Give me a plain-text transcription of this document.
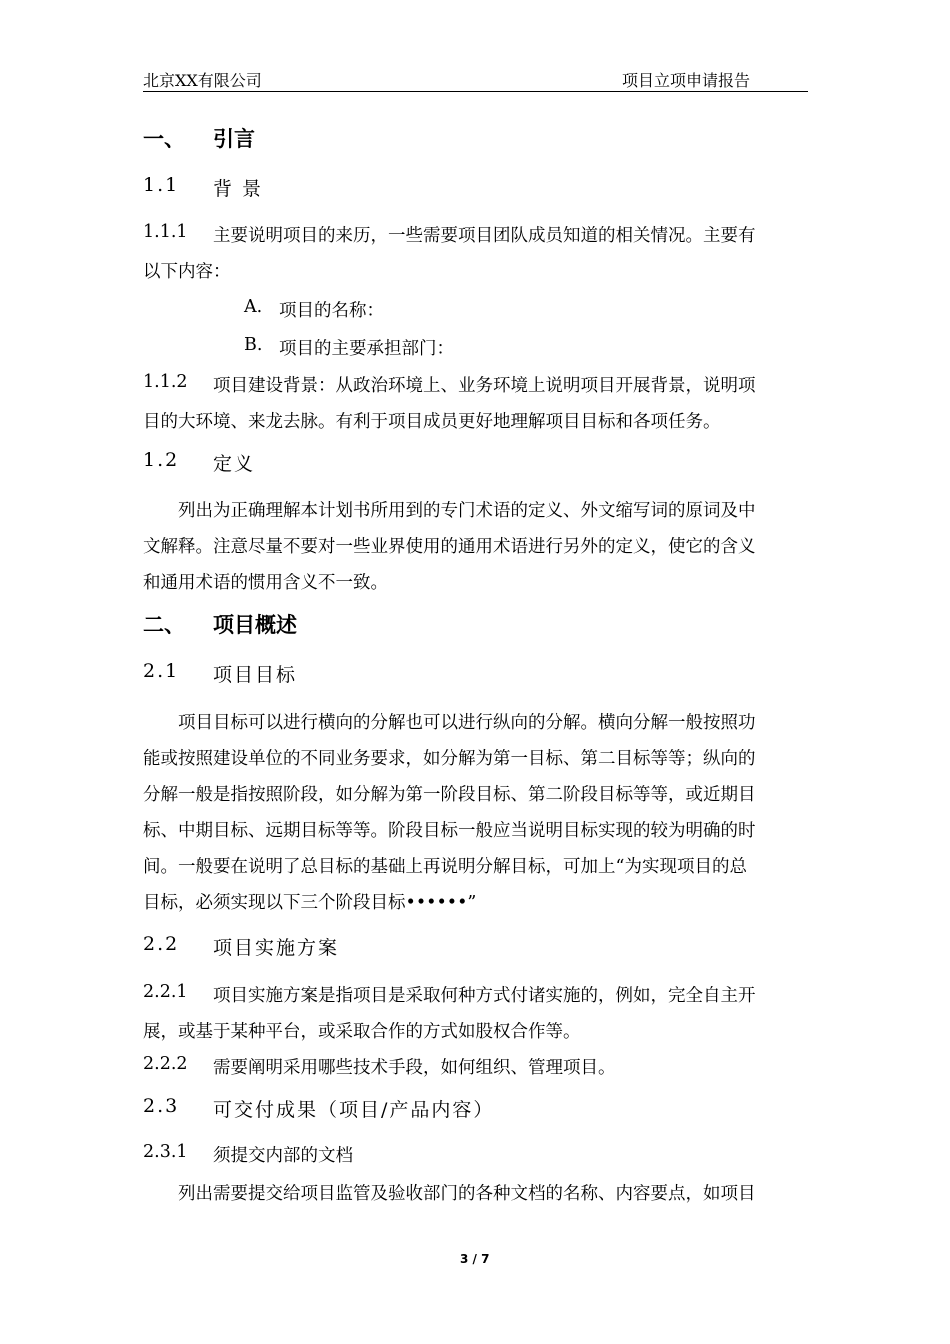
北京XX有限公司	项目立项申请报告
一、 引言
1.1 背 景
1.1.1 主要说明项目的来历，一些需要项目团队成员知道的相关情况。主要有
以下内容：
A. 项目的名称：
B. 项目的主要承担部门：
1.1.2 项目建设背景：从政治环境上、业务环境上说明项目开展背景，说明项
目的大环境、来龙去脉。有利于项目成员更好地理解项目目标和各项任务。
1.2 定义
列出为正确理解本计划书所用到的专门术语的定义、外文缩写词的原词及中
文解释。注意尽量不要对一些业界使用的通用术语进行另外的定义，使它的含义
和通用术语的惯用含义不一致。
二、 项目概述
2.1 项目目标
项目目标可以进行横向的分解也可以进行纵向的分解。横向分解一般按照功
能或按照建设单位的不同业务要求，如分解为第一目标、第二目标等等；纵向的
分解一般是指按照阶段，如分解为第一阶段目标、第二阶段目标等等，或近期目
标、中期目标、远期目标等等。阶段目标一般应当说明目标实现的较为明确的时
间。一般要在说明了总目标的基础上再说明分解目标，可加上“为实现项目的总
目标，必须实现以下三个阶段目标••••••”
2.2 项目实施方案
2.2.1 项目实施方案是指项目是采取何种方式付诸实施的，例如，完全自主开
展，或基于某种平台，或采取合作的方式如股权合作等。
2.2.2 需要阐明采用哪些技术手段，如何组织、管理项目。
2.3 可交付成果（项目/产品内容）
2.3.1 须提交内部的文档
列出需要提交给项目监管及验收部门的各种文档的名称、内容要点，如项目
3 / 7
